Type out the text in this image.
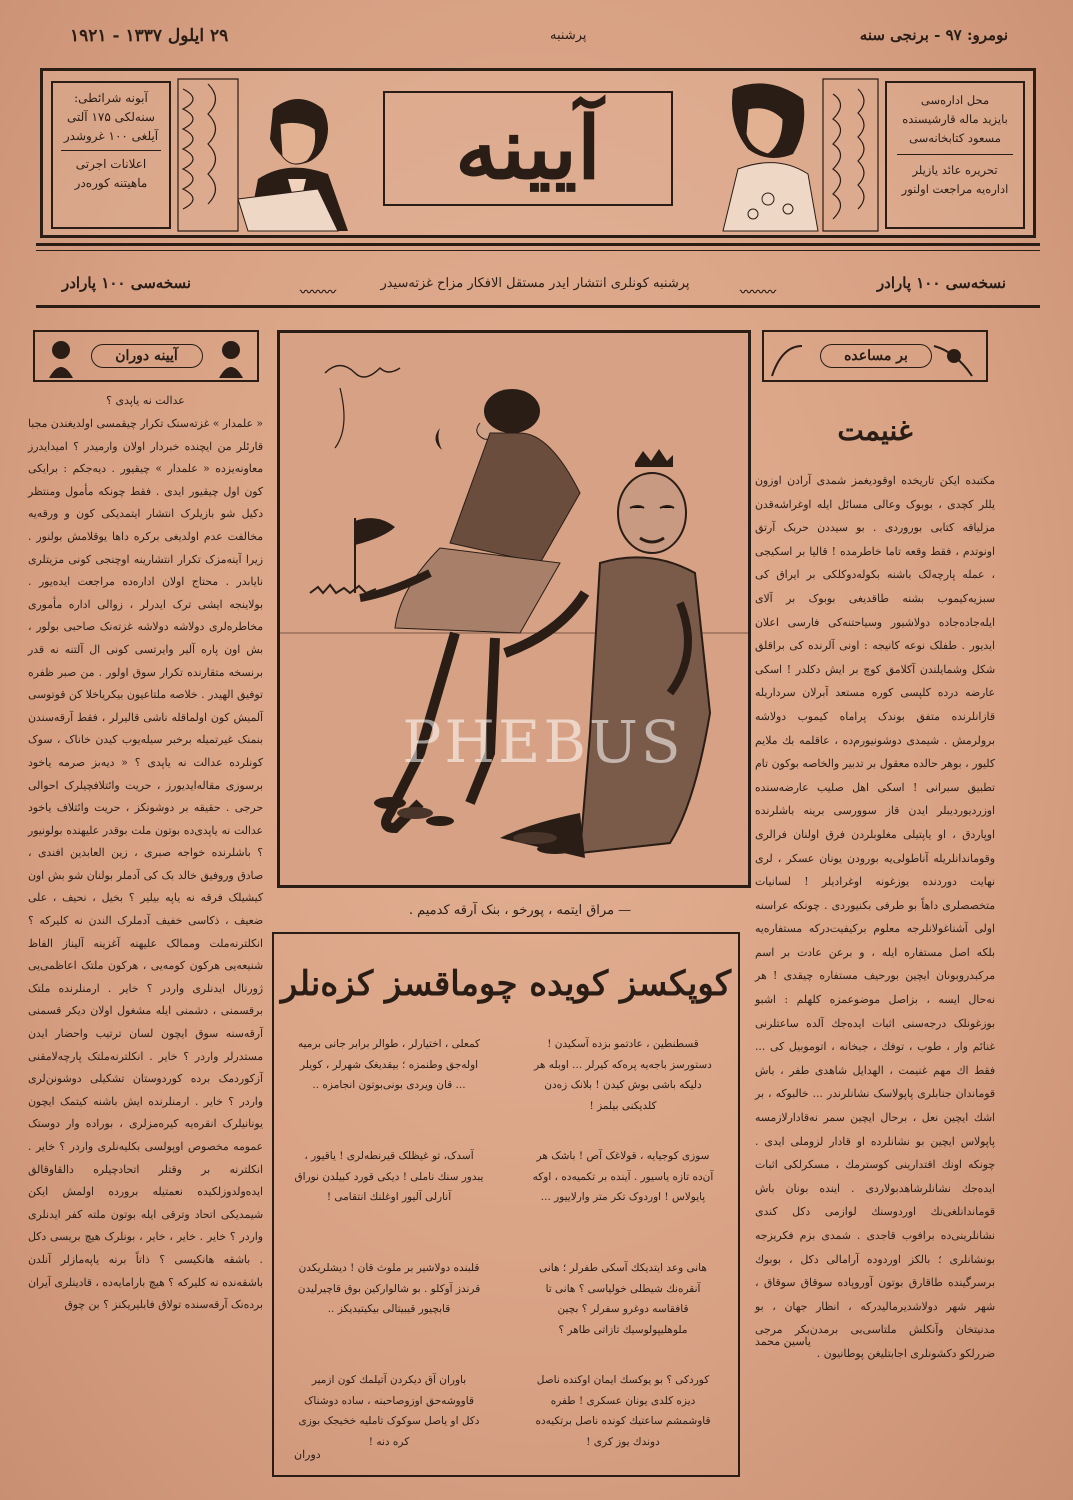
۲۹ ایلول ۱۳۳۷ - ۱۹۲۱	پرشنبه	نومرو: ۹۷ - برنجی سنه
آبونه شرائطی:
سنه‌لکی ۱۷۵ آلتی
آیلغی ۱۰۰ غروشدر
اعلانات اجرتی
ماهیتنه کوره‌در	آیینه	محل اداره‌سی
بایزید ماله قارشیسنده
مسعود کتابخانه‌سی
تحریره عائد یازیلر
اداره‌یه مراجعت اولنور
نسخه‌سی ۱۰۰ پارادر	〰〰〰
پرشنبه کونلری انتشار ایدر مستقل الافکار مزاح غزته‌سیدر
〰〰〰	نسخه‌سی ۱۰۰ پارادر
آیینه دوران
عدالت نه یاپدی ؟
« علمدار » غزته‌سنک تکرار چیقمسی اولدیغندن مجبا قارئلر من ایچنده خبردار اولان وارمیدر ؟ امیدایدرز معاونه‌یزده « علمدار » چیقیور . دیه‌جکم : برایکی کون اول چیقیور ایدی . فقط چونکه مأمول ومنتظر دکیل شو بازیلرک انتشار ایتمدیکی کون و ورقه‌یه مخالفت عدم اولدیغی برکره داها یوقلامش بولنور . زیرا آینه‌مزک تکرار انتشارینه اوچنجی کونی مزیتلری نایابدر . محتاج اولان اداره‌ده مراجعت ایده‌یور . بولاینجه ایشی ترک ایدرلر ، زوالی اداره مأموری مخاطره‌لری دولاشه دولاشه غزته‌نک صاحبی بولور ، بش اون پاره آلیر وایرتسی کونی ال آلتنه نه قدر برنسخه متقارنده تکرار سوق اولور . من صبر ظفره توفیق الهیدر . خلاصه ملتاعیون بیکریاخلا کن قوتوسی آلمیش کون اولماقله ناشی قالیرلر ، فقط آرقه‌سندن بنمنک غیرتمیله برخبر سیله‌یوب کیدن خاناک ، سوک کونلرده عدالت نه یاپدی ؟ « دیه‌بز صرمه یاخود برسوزی مقاله‌ایدیورز ، حریت وائتلافچیلرک احوالی حرجی . حقیقه بر دوشونکز ، حریت وائتلاف یاخود عدالت نه یاپدی‌ده بوتون ملت بوقدر علیهنده بولونیور ؟ باشلرنده خواجه صبری ، زین العابدین افندی ، صادق وروفیق خالد بک کی آدملر بولنان شو بش اون کیشیلک فرقه نه یاپه بیلیر ؟ بخیل ، نحیف ، علی ضعیف ، ذکاسی خفیف آدملرک الندن نه کلیرکه ؟ انکلترنه‌ملت وممالک علیهنه آغزینه آلیناز الفاظ شنیعه‌یی هرکون کومه‌یی ، هرکون ملتک اعاظمی‌یی ژورنال ایدنلری واردر ؟ خایر . ارمنلرنده ملتک برقسمنی ، دشمنی ایله مشغول اولان دیکر قسمنی آرقه‌سنه سوق ایچون لسان ترتیب واحضار ایدن مستدرلر واردر ؟ خایر . انکلترنه‌ملتک پارچه‌لامقنی آزکوردمک برده کوردوستان تشکیلی دوشونن‌لری واردر ؟ خایر . ارمنلرنده ایش باشنه کیتمک ایچون یونانیلرک انقره‌یه کیره‌مزلری ، بوراده وار دوستک عمومه مخصوص اوپولسی بکلیه‌نلری واردر ؟ خایر . انکلترنه بر وقتلر اتحادچیلره دالقاوقالق ایده‌ولدوزلکیده نعمتیله برورده اولمش ایکن شیمدیکی اتحاد وترقی ایله بوتون ملته کفر ایدنلری واردر ؟ خایر . خایر ، خایر ، بونلرک هیچ بریسی دکل . باشقه هانکیسی ؟ ذاتاً برنه یاپه‌مازلر آنلدن باشقه‌نده نه کلیرکه ؟ هیچ بارامایه‌ده ، قادینلری آیران برده‌نک آرقه‌سنده تولاق فابلیریکنز ؟ بن چوق
— مراق ایتمه ، پورخو ، بنک آرقه کدمیم .
کوپکسز کویده چوماقسز کزه‌نلر
قسطنطین ، عادتمو بزده آسکیدن ! دستورسز باجه‌یه پره‌که کیرلر ... اوبله هر دلیکه باشی بوش کیدن ! بلانک زه‌دن کلدیکنی بیلمز !
کمعلی ، اختیارلر ، طوالر برابر جانی برمیه اوله‌جق وطنمزه ؛ بیقدیغک شهرلر ، کویلر ... قان ویردی بونی‌بوتون انجامزه ..
سوزی کوجیایه ، قولاغک آص ! باشک هر آن‌ده تازه یاسیور . آینده بر تکمیه‌ده ، اوکه پایولاس ! اوردوک تکر متر وارلاییور ...
آسدک، تو غیظلک قیرنطه‌لری ! یاقیور ، یبدور سنك ناملی ! دیکی قورد کبیلدن نوراق آنارلی آلیور اوغلنك انتقامی !
هانی وعد ایتدیکك آسكی طفرلر ؛ هانی آنقره‌نك شیطلی خولیاسی ؟ هانی تا قافقاسه دوغرو سفرلر ؟ بچین ملوهلیپولوسیك تازاتی طاهر ؟
قلبنده دولاشیر بر ملوث قان ! دیشلریکدن قرندز آوکلو . بو شالوارکین بوق قاچیرلیدن قابچیور قیبیتالی بیکیتیدیکز ..
کوردکی ؟ بو یوکسك ایمان اوکنده ناصل دیزه کلدی یونان عسکری ! طفره قاوشمشم ساعتیك کونده ناصل برتکیه‌ده دوندك یوز کری !
باوران آق دیکردن آتیلمك کون ازمیر قاووشه‌حق اوزوصاحبنه ، ساده دوشناک دکل او یاصل سوکوک تاملیه خخیجک بوزی کره دنه !
دوران
بر مساعده
غنیمت
مکتبده ایکن تاریخده اوقودیغمز شمدی آرادن اوزون یللر کچدی ، بوبوک وعالی مسائل ایله اوغراشه‌قدن مزلیاقه کتابی بوروردی . بو سیددن حربک آرتق اونوتدم ، فقط وقعه تاما خاطرمده ! قالیا بر اسکیجی ، عمله پارچه‌لک باشنه بکوله‌دوکلکی بر ایراق کی سبزیه‌کیموب بشنه طاقدیغی بوبوک بر آلای ایله‌جاده‌جاده دولاشیور وسیاحتنه‌کی فارسی اعلان ایدیور . طفلک نوعه کانیجه : اونی آلرنده کی براقلق شکل وشمایلندن آکلامق کوچ بر ایش دکلدر ! اسکی عارضه درده کلپسی کوره مستعد آبرلان سرداریله قازانلرنده متفق بوندک پراماه کیموب دولاشه برولرمش . شیمدی دوشونیورم‌ده ، عاقلمه بك ملایم کلیور ، بوهر حالده معقول بر تدبیر والخاصه بوکون تام تطبیق سبرانی ! اسکی اهل صلیب عارضه‌سنده اوزردیوردیبلر ایدن قاز سوورسی برینه باشلرنده اوپاردق ، او یاپتیلی مغلوبلردن فرق اولنان فرالری وقوماندانلریله آناطولی‌یه بورودن یونان عسکر ، لری نهایت دوردنده یوزغونه اوغرادیلر ! لسانیات متخصصلری داهاً بو طرفی بکنیوردی . چونکه عراسنه اولی آشناغولانلرجه معلوم برکیفیت‌درکه مستفاره‌یه بلکه اصل مستفاره ایله ، و برعن عادت بر اسم مرکبدروبونان ایچین بورحیف مستفاره چیقدی ! هر نه‌حال ایسه ، بزاصل موضوعمزه کلهلم : اشبو بوزغونلک درجه‌سنی اثبات ایده‌جك آلده ساعتلرنی غنائم وار ، طوب ، توفك ، جبخانه ، اتوموبیل کی ... فقط اك مهم غنیمت ، الهدایل شاهدی طفر ، باش قوماندان جنابلری پاپولاسک نشانلرندر ... خالبوکه ، بر اشك ایچین نعل ، برحال ایچین سمر نه‌قادارلازمسه پاپولاس ایچین بو نشانلرده او قادار لزوملی ایدی . چونکه اونك اقتدارینی کوسترمك ، مسکرلکی اثبات ایده‌جك نشانلرشاهدبولاردی . اینده بونان باش قوماندانلغی‌نك اوردوسنك لوازمی دکل کندی نشانلرینی‌ده برافوب قاجدی . شمدی بزم فکریزجه بونشانلری ؛ بالکز اوردوده آرامالی دکل ، ‌بوبوك برسرگینده طاقارق بوتون آوروپاده سوقاق سوقاق ، شهر شهر دولاشدیرمالیدرکه ، انظار جهان ، بو مدنیتخان وآنکلش ملتاسی‌بی برمدن‌بکر مرجی ضررلکو دکشونلری اجابتلیغن پوطانیون .
یاسین محمد
PHEBUS
